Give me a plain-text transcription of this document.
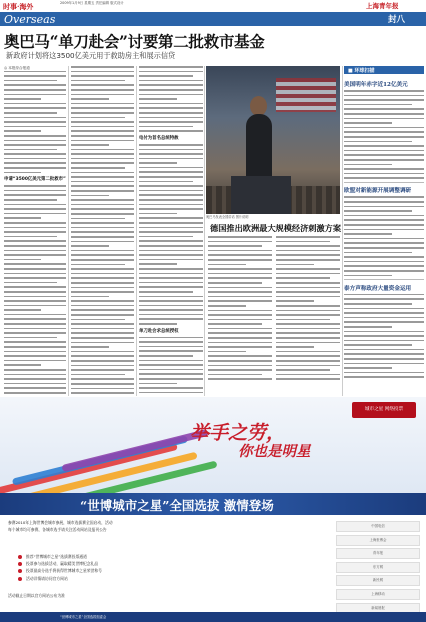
时事·海外	2009年1月9日 星期五 责任编辑 版式设计	上海青年报
Overseas	封八
奥巴马“单刀赴会”讨要第二批救市基金
新政府计划将这3500亿美元用于救助房主和展示信贷
◎ 本报综合报道
申请“3500亿美元第二批救市”
电付为首名总统特赦
单刀赴会求总统授权
奥巴马发表全国讲话 图片说明
德国推出欧洲最大规模经济刺激方案
■ 环球扫描
美国明年赤字近12亿美元
欧盟对新能源开展调整调研
泰方声称政府大量资金运用
城市之星 网络投票
举手之劳，
你也是明星
“世博城市之星”全国选拔 激情登场

参赛2010年上海世博会城市参展，城市选拔赛全国启动，活动

每个城市均可参赛，各城市选手请关注活动网站及报刊公告

推荐“世博城市之星”选拔赛投票通道
投票参与选拔活动，赢取精美世博纪念礼品
投票最高分选手将获得世博城市之星荣誉称号
活动详情请访问官方网站
中国电信
上海世博会
青年报
东方网
新民网
上海移动
新闻晨报
活动截止日期以官方网站公布为准
“世博城市之星”全国选拔组委会
